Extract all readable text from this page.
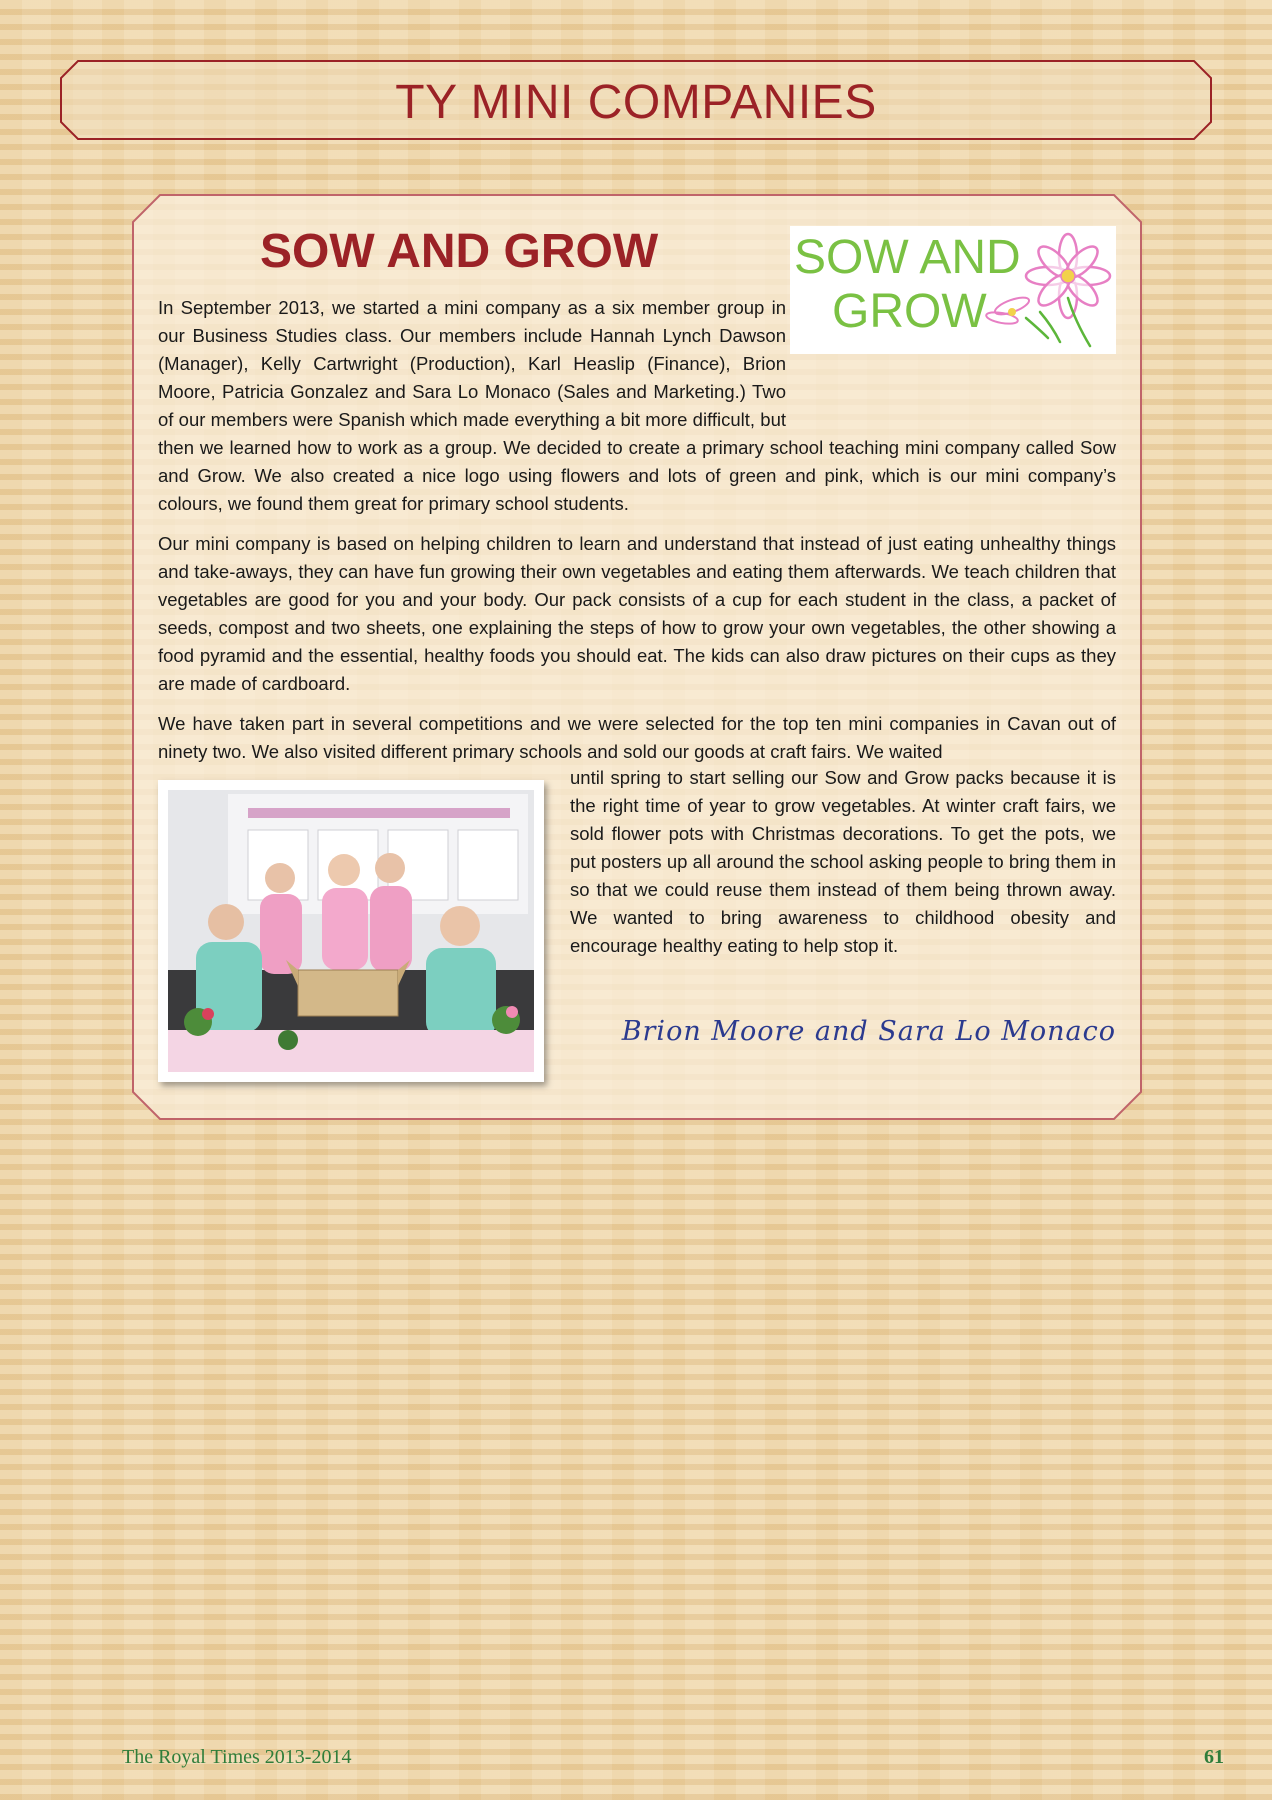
TY MINI COMPANIES
SOW AND GROW	SOW AND
GROW

In September 2013, we started a mini company as a six member group in our Business Studies class. Our members include Hannah Lynch Dawson (Manager), Kelly Cartwright (Production), Karl Heaslip (Finance), Brion Moore, Patricia Gonzalez and Sara Lo Monaco (Sales and Marketing.) Two of our members were Spanish which made everything a bit more difficult, but then we learned how to work as a group. We decided to create a primary school teaching mini company called Sow and Grow. We also created a nice logo using flowers and lots of green and pink, which is our mini company’s colours, we found them great for primary school students.

Our mini company is based on helping children to learn and understand that instead of just eating unhealthy things and take-aways, they can have fun growing their own vegetables and eating them afterwards. We teach children that vegetables are good for you and your body. Our pack consists of a cup for each student in the class, a packet of seeds, compost and two sheets, one explaining the steps of how to grow your own vegetables, the other showing a food pyramid and the essential, healthy foods you should eat. The kids can also draw pictures on their cups as they are made of cardboard.

We have taken part in several competitions and we were selected for the top ten mini companies in Cavan out of ninety two. We also visited different primary schools and sold our goods at craft fairs. We waited

until spring to start selling our Sow and Grow packs because it is the right time of year to grow vegetables. At winter craft fairs, we sold flower pots with Christmas decorations. To get the pots, we put posters up all around the school asking people to bring them in so that we could reuse them instead of them being thrown away. We wanted to bring awareness to childhood obesity and encourage healthy eating to help stop it.

Brion Moore and Sara Lo Monaco

The Royal Times 2013-2014	61
